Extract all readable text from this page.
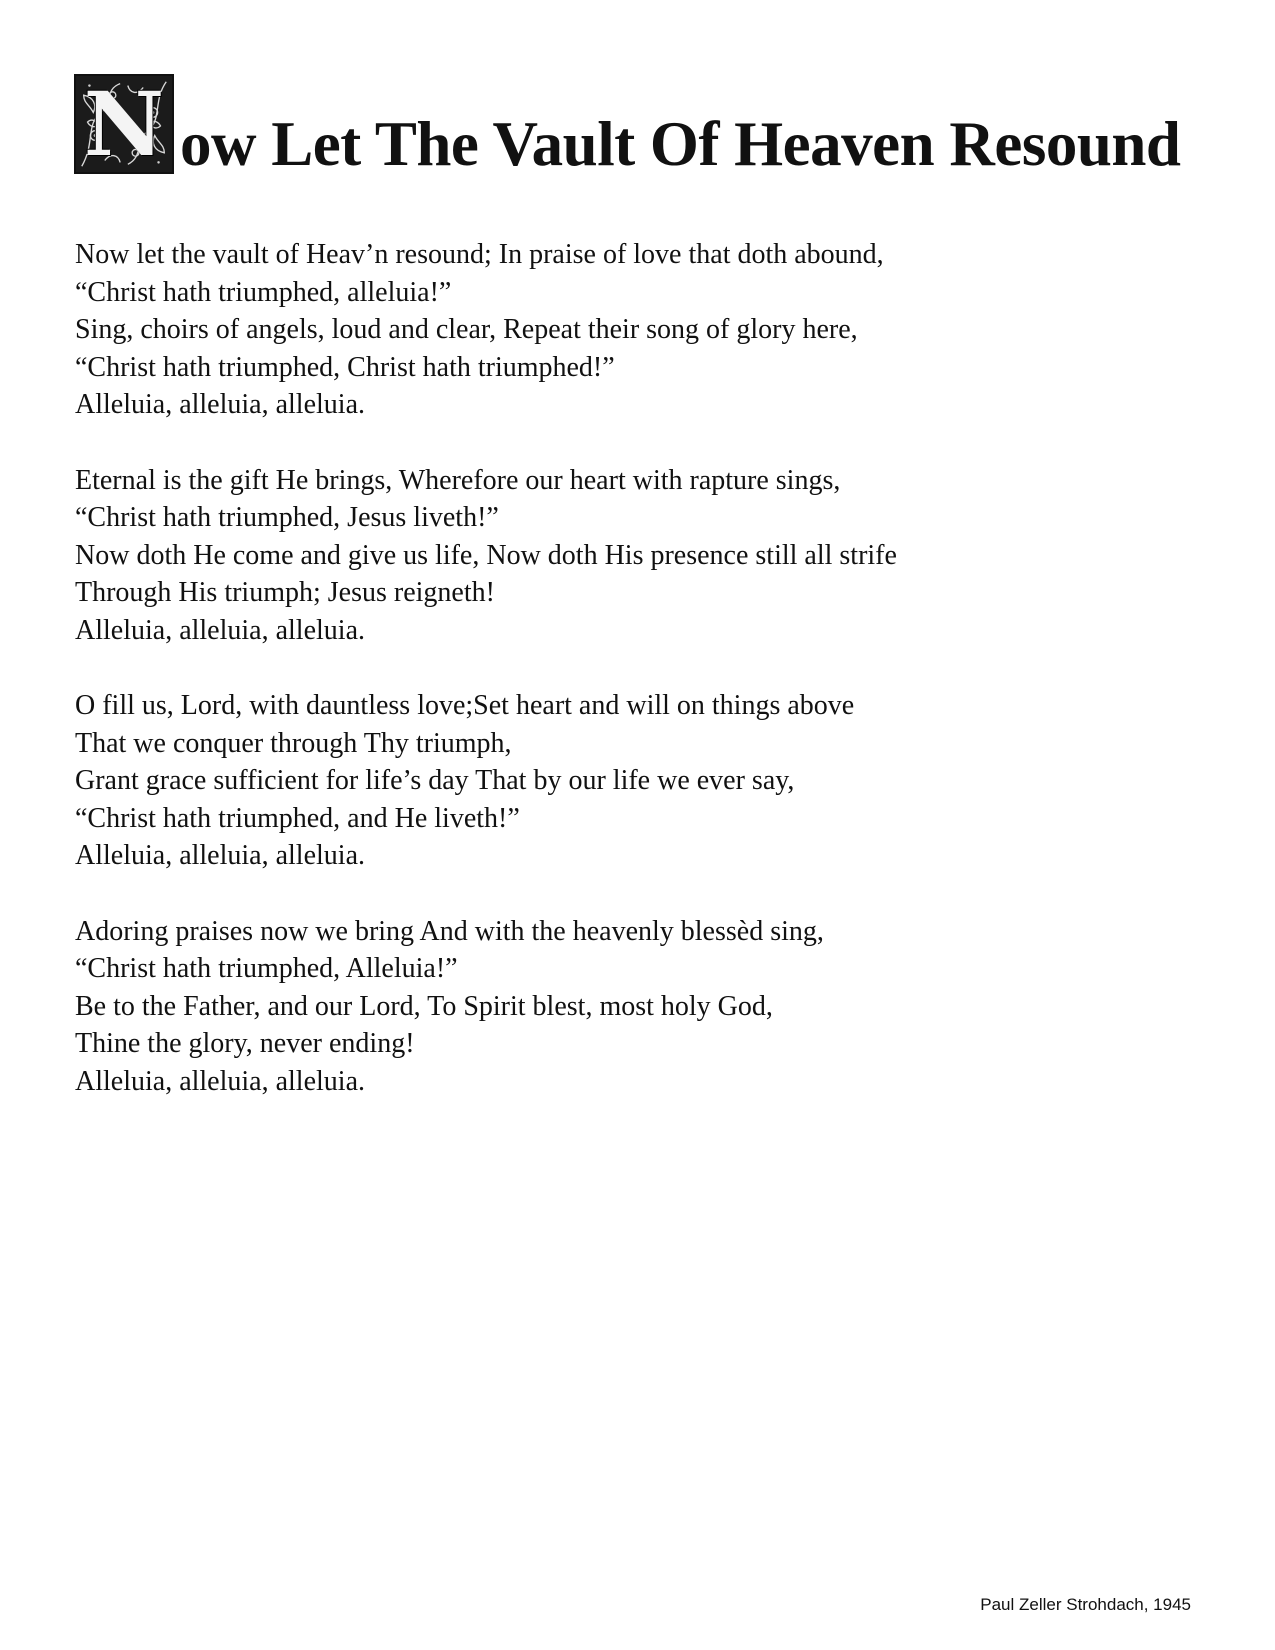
N ow Let The Vault Of Heaven Resound
Now let the vault of Heav’n resound; In praise of love that doth abound,
“Christ hath triumphed, alleluia!”
Sing, choirs of angels, loud and clear, Repeat their song of glory here,
“Christ hath triumphed, Christ hath triumphed!”
Alleluia, alleluia, alleluia.
Eternal is the gift He brings, Wherefore our heart with rapture sings,
“Christ hath triumphed, Jesus liveth!”
Now doth He come and give us life, Now doth His presence still all strife
Through His triumph; Jesus reigneth!
Alleluia, alleluia, alleluia.
O fill us, Lord, with dauntless love;Set heart and will on things above
That we conquer through Thy triumph,
Grant grace sufficient for life’s day That by our life we ever say,
“Christ hath triumphed, and He liveth!”
Alleluia, alleluia, alleluia.
Adoring praises now we bring And with the heavenly blessѐd sing,
“Christ hath triumphed, Alleluia!”
Be to the Father, and our Lord, To Spirit blest, most holy God,
Thine the glory, never ending!
Alleluia, alleluia, alleluia.
Paul Zeller Strohdach, 1945
